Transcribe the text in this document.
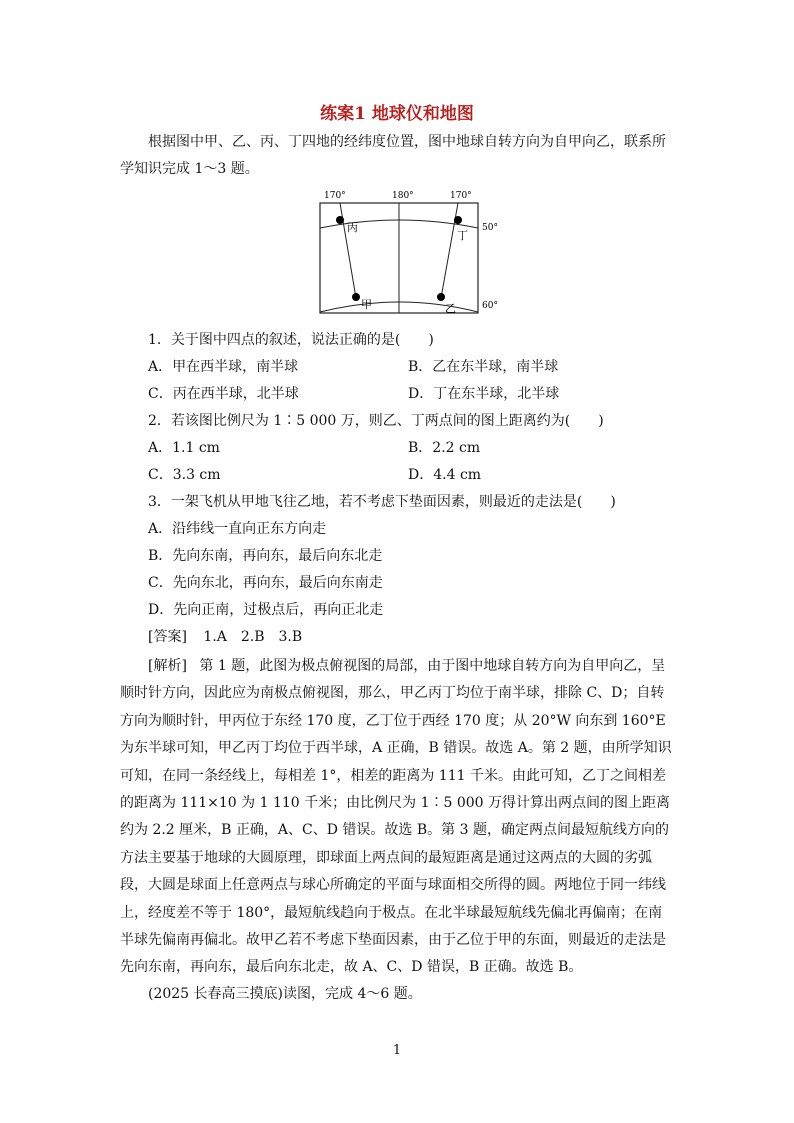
练案1 地球仪和地图
根据图中甲、乙、丙、丁四地的经纬度位置，图中地球自转方向为自甲向乙，联系所学知识完成 1～3 题。
170°	180°	170°
50°
60°
丙
丁
甲	乙
1．关于图中四点的叙述，说法正确的是(　　)
A．甲在西半球，南半球	B．乙在东半球，南半球
C．丙在西半球，北半球	D．丁在东半球，北半球
2．若该图比例尺为 1∶5 000 万，则乙、丁两点间的图上距离约为(　　)
A．1.1 cm	B．2.2 cm
C．3.3 cm	D．4.4 cm
3．一架飞机从甲地飞往乙地，若不考虑下垫面因素，则最近的走法是(　　)
A．沿纬线一直向正东方向走
B．先向东南，再向东，最后向东北走
C．先向东北，再向东，最后向东南走
D．先向正南，过极点后，再向正北走
[答案] 1.A　2.B　3.B
[解析] 第 1 题，此图为极点俯视图的局部，由于图中地球自转方向为自甲向乙，呈顺时针方向，因此应为南极点俯视图，那么，甲乙丙丁均位于南半球，排除 C、D；自转方向为顺时针，甲丙位于东经 170 度，乙丁位于西经 170 度；从 20°W 向东到 160°E 为东半球可知，甲乙丙丁均位于西半球，A 正确，B 错误。故选 A。第 2 题，由所学知识可知，在同一条经线上，每相差 1°，相差的距离为 111 千米。由此可知，乙丁之间相差的距离为 111×10 为 1 110 千米；由比例尺为 1∶5 000 万得计算出两点间的图上距离约为 2.2 厘米，B 正确，A、C、D 错误。故选 B。第 3 题，确定两点间最短航线方向的方法主要基于地球的大圆原理，即球面上两点间的最短距离是通过这两点的大圆的劣弧段，大圆是球面上任意两点与球心所确定的平面与球面相交所得的圆。两地位于同一纬线上，经度差不等于 180°，最短航线趋向于极点。在北半球最短航线先偏北再偏南；在南半球先偏南再偏北。故甲乙若不考虑下垫面因素，由于乙位于甲的东面，则最近的走法是先向东南，再向东，最后向东北走，故 A、C、D 错误，B 正确。故选 B。
(2025 长春高三摸底)读图，完成 4～6 题。
1
